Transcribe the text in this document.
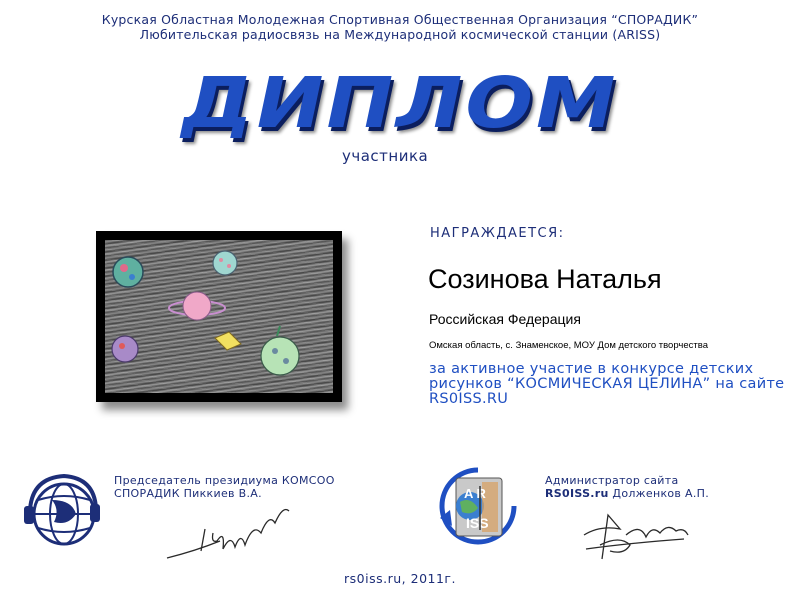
Курская Областная Молодежная Спортивная Общественная Организация “СПОРАДИК”
Любительская радиосвязь на Международной космической станции (ARISS)
ДИПЛОМ
участника
НАГРАЖДАЕТСЯ:
Созинова Наталья
Российская Федерация
Омская область, с. Знаменское, МОУ Дом детского творчества
за активное участие в конкурсе детских рисунков “КОСМИЧЕСКАЯ ЦЕЛИНА” на сайте RS0ISS.RU
Председатель президиума КОМСОО
СПОРАДИК Пиккиев В.А.	A R
ISS
Администратор сайта
RS0ISS.ru Долженков А.П.
rs0iss.ru, 2011г.
